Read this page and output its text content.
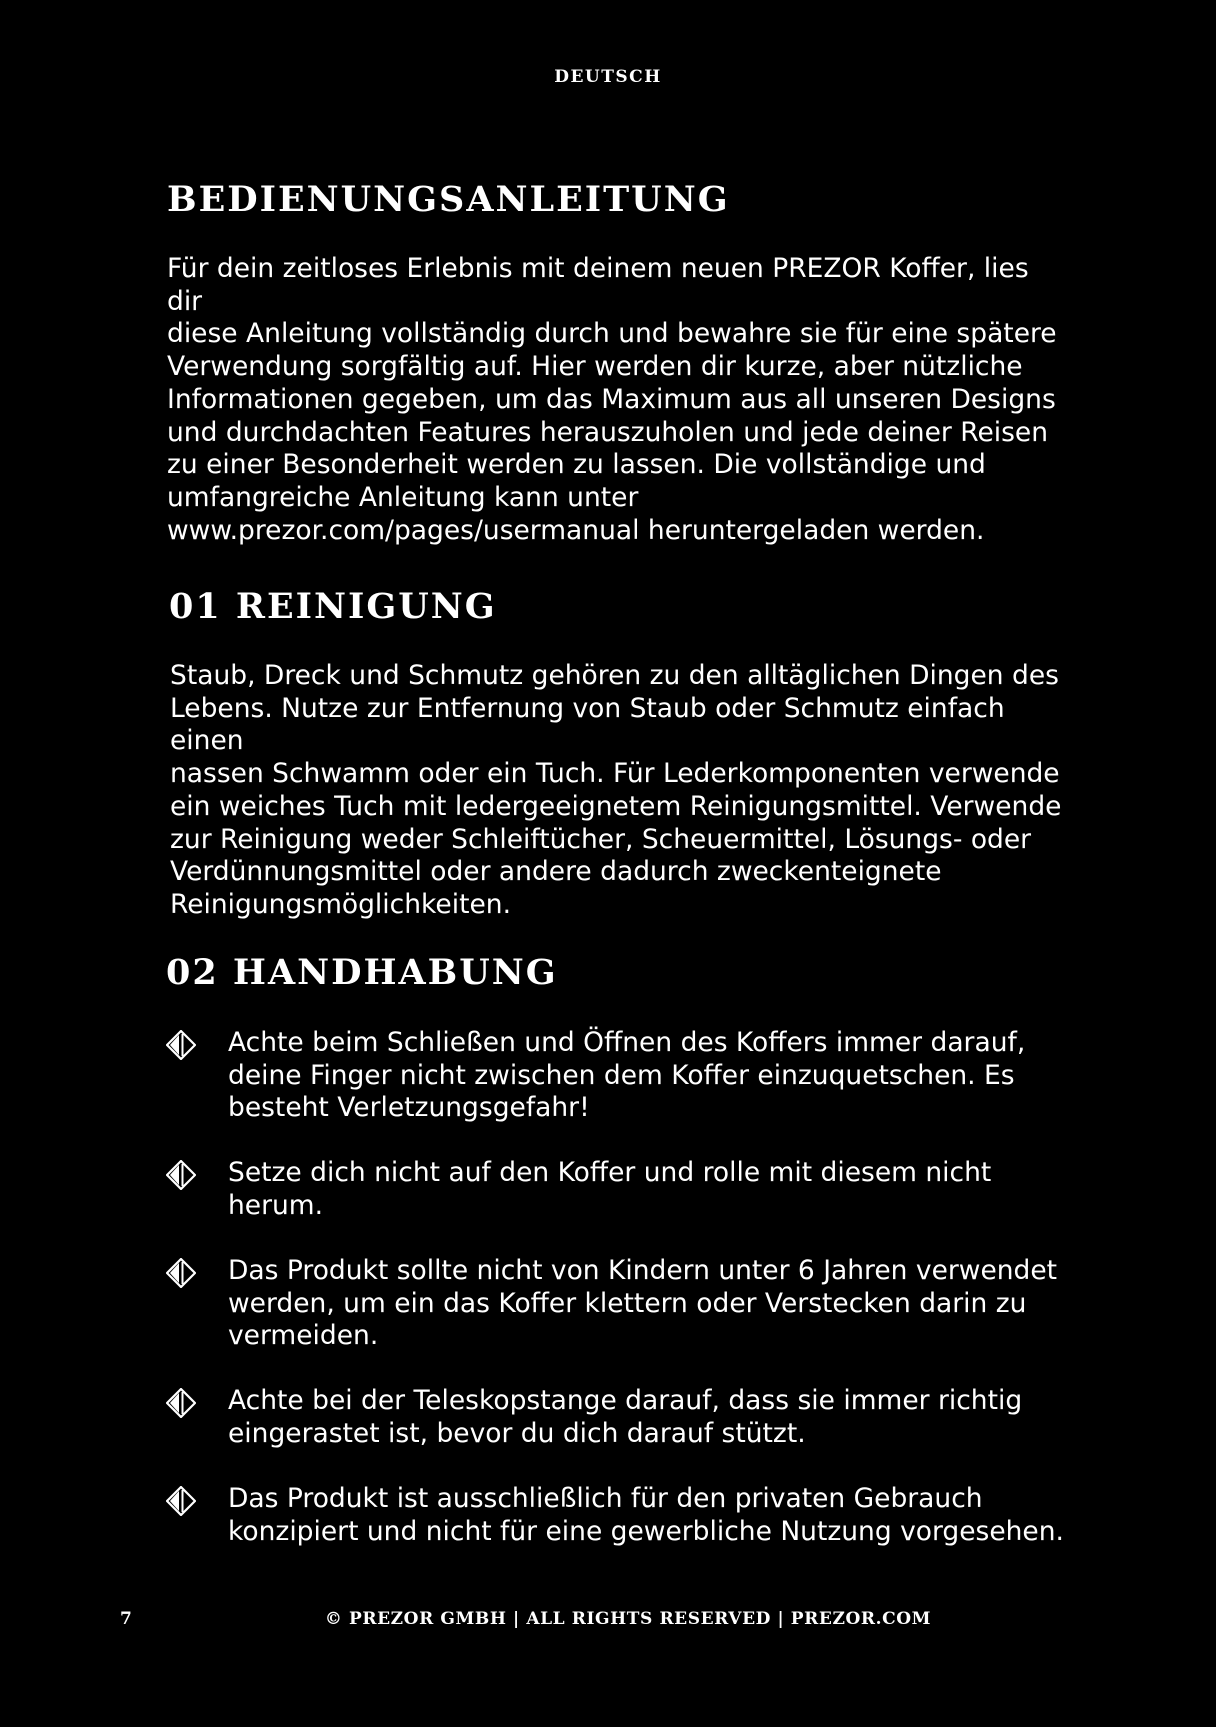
DEUTSCH
BEDIENUNGSANLEITUNG
Für dein zeitloses Erlebnis mit deinem neuen PREZOR Koffer, lies dir
diese Anleitung vollständig durch und bewahre sie für eine spätere
Verwendung sorgfältig auf. Hier werden dir kurze, aber nützliche
Informationen gegeben, um das Maximum aus all unseren Designs
und durchdachten Features herauszuholen und jede deiner Reisen
zu einer Besonderheit werden zu lassen. Die vollständige und
umfangreiche Anleitung kann unter
www.prezor.com/pages/usermanual heruntergeladen werden.
01 REINIGUNG
Staub, Dreck und Schmutz gehören zu den alltäglichen Dingen des
Lebens. Nutze zur Entfernung von Staub oder Schmutz einfach einen
nassen Schwamm oder ein Tuch. Für Lederkomponenten verwende
ein weiches Tuch mit ledergeeignetem Reinigungsmittel. Verwende
zur Reinigung weder Schleiftücher, Scheuermittel, Lösungs- oder
Verdünnungsmittel oder andere dadurch zweckenteignete
Reinigungsmöglichkeiten.
02 HANDHABUNG
Achte beim Schließen und Öffnen des Koffers immer darauf,
deine Finger nicht zwischen dem Koffer einzuquetschen. Es
besteht Verletzungsgefahr!
Setze dich nicht auf den Koffer und rolle mit diesem nicht
herum.
Das Produkt sollte nicht von Kindern unter 6 Jahren verwendet
werden, um ein das Koffer klettern oder Verstecken darin zu
vermeiden.
Achte bei der Teleskopstange darauf, dass sie immer richtig
eingerastet ist, bevor du dich darauf stützt.
Das Produkt ist ausschließlich für den privaten Gebrauch
konzipiert und nicht für eine gewerbliche Nutzung vorgesehen.
7	© PREZOR GMBH | ALL RIGHTS RESERVED | PREZOR.COM
